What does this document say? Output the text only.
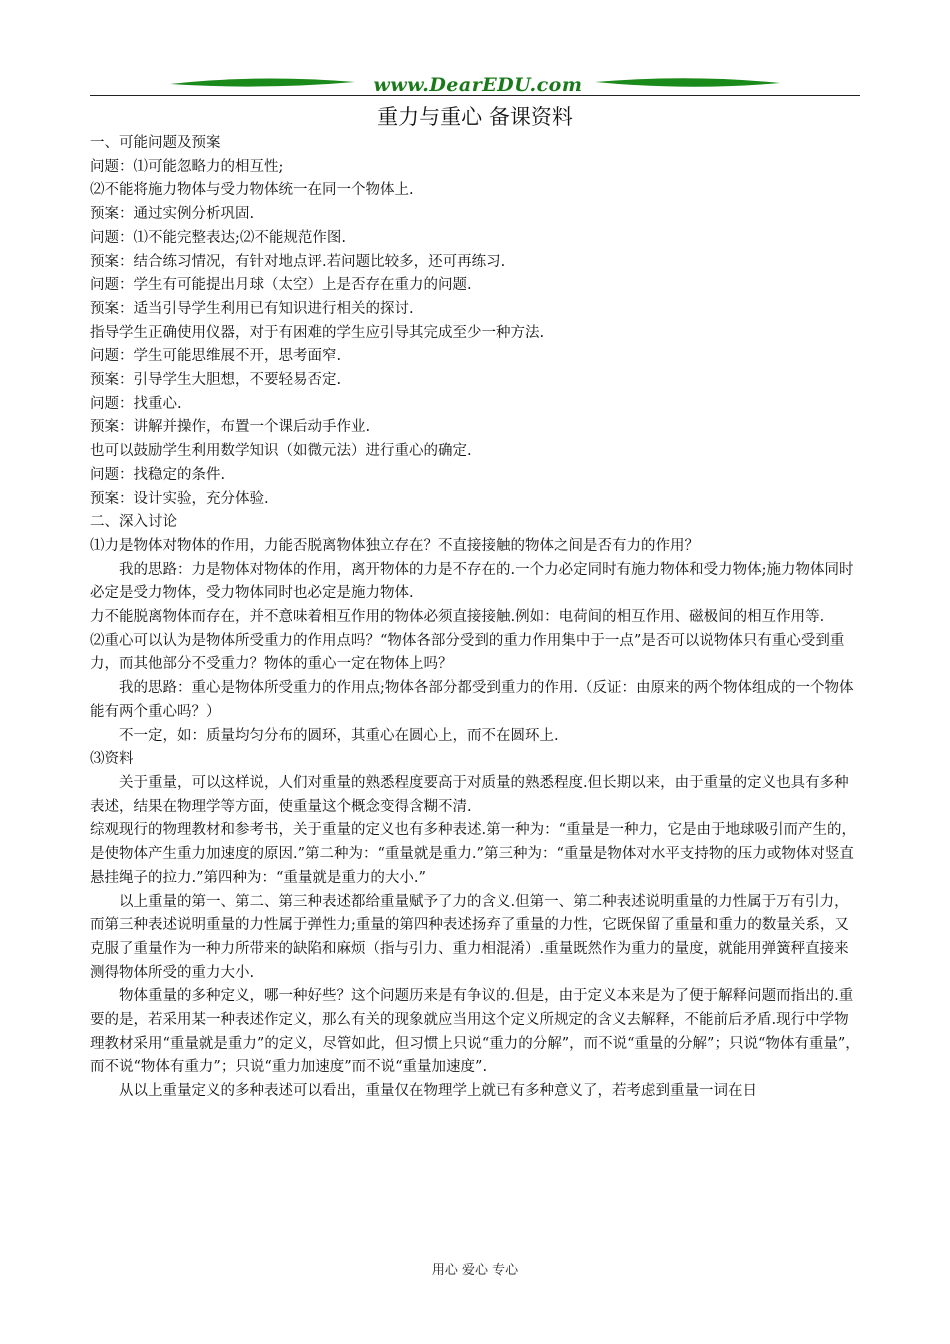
www.DearEDU.com
重力与重心 备课资料

一、可能问题及预案

问题：⑴可能忽略力的相互性;

⑵不能将施力物体与受力物体统一在同一个物体上.

预案：通过实例分析巩固.

问题：⑴不能完整表达;⑵不能规范作图.

预案：结合练习情况，有针对地点评.若问题比较多，还可再练习.

问题：学生有可能提出月球（太空）上是否存在重力的问题.

预案：适当引导学生利用已有知识进行相关的探讨.

指导学生正确使用仪器，对于有困难的学生应引导其完成至少一种方法.

问题：学生可能思维展不开，思考面窄.

预案：引导学生大胆想，不要轻易否定.

问题：找重心.

预案：讲解并操作，布置一个课后动手作业.

也可以鼓励学生利用数学知识（如微元法）进行重心的确定.

问题：找稳定的条件.

预案：设计实验，充分体验.

二、深入讨论

⑴力是物体对物体的作用，力能否脱离物体独立存在？不直接接触的物体之间是否有力的作用？

我的思路：力是物体对物体的作用，离开物体的力是不存在的.一个力必定同时有施力物体和受力物体;施力物体同时必定是受力物体，受力物体同时也必定是施力物体.

力不能脱离物体而存在，并不意味着相互作用的物体必须直接接触.例如：电荷间的相互作用、磁极间的相互作用等.

⑵重心可以认为是物体所受重力的作用点吗？“物体各部分受到的重力作用集中于一点”是否可以说物体只有重心受到重力，而其他部分不受重力？物体的重心一定在物体上吗？

我的思路：重心是物体所受重力的作用点;物体各部分都受到重力的作用.（反证：由原来的两个物体组成的一个物体能有两个重心吗？）

不一定，如：质量均匀分布的圆环，其重心在圆心上，而不在圆环上.

⑶资料

关于重量，可以这样说，人们对重量的熟悉程度要高于对质量的熟悉程度.但长期以来，由于重量的定义也具有多种表述，结果在物理学等方面，使重量这个概念变得含糊不清.

综观现行的物理教材和参考书，关于重量的定义也有多种表述.第一种为：“重量是一种力，它是由于地球吸引而产生的，是使物体产生重力加速度的原因.”第二种为：“重量就是重力.”第三种为：“重量是物体对水平支持物的压力或物体对竖直悬挂绳子的拉力.”第四种为：“重量就是重力的大小.”

以上重量的第一、第二、第三种表述都给重量赋予了力的含义.但第一、第二种表述说明重量的力性属于万有引力，而第三种表述说明重量的力性属于弹性力;重量的第四种表述扬弃了重量的力性，它既保留了重量和重力的数量关系，又克服了重量作为一种力所带来的缺陷和麻烦（指与引力、重力相混淆）.重量既然作为重力的量度，就能用弹簧秤直接来测得物体所受的重力大小.

物体重量的多种定义，哪一种好些？这个问题历来是有争议的.但是，由于定义本来是为了便于解释问题而指出的.重要的是，若采用某一种表述作定义，那么有关的现象就应当用这个定义所规定的含义去解释，不能前后矛盾.现行中学物理教材采用“重量就是重力”的定义，尽管如此，但习惯上只说“重力的分解”，而不说“重量的分解”；只说“物体有重量”，而不说“物体有重力”；只说“重力加速度”而不说“重量加速度”.

从以上重量定义的多种表述可以看出，重量仅在物理学上就已有多种意义了，若考虑到重量一词在日

用心 爱心 专心
